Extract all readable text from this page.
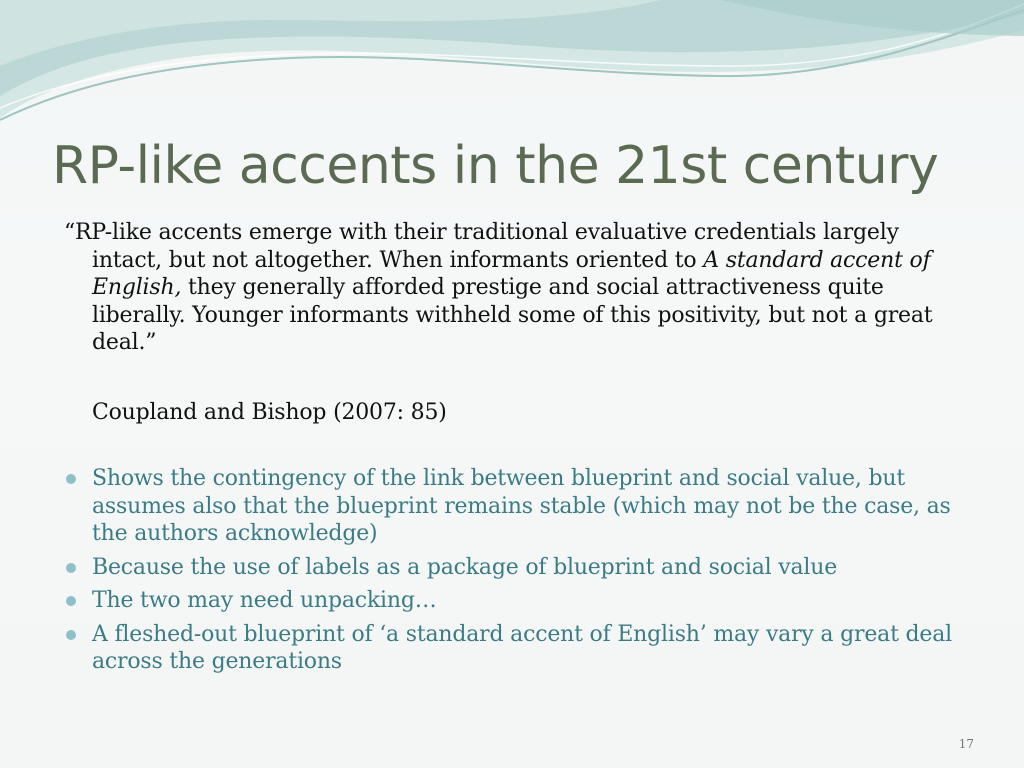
RP-like accents in the 21st century

“RP-like accents emerge with their traditional evaluative credentials largely intact, but not altogether. When informants oriented to A standard accent of English, they generally afforded prestige and social attractiveness quite liberally. Younger informants withheld some of this positivity, but not a great deal.”

Coupland and Bishop (2007: 85)

Shows the contingency of the link between blueprint and social value, but assumes also that the blueprint remains stable (which may not be the case, as the authors acknowledge)
Because the use of labels as a package of blueprint and social value
The two may need unpacking…
A fleshed-out blueprint of ‘a standard accent of English’ may vary a great deal across the generations
17
